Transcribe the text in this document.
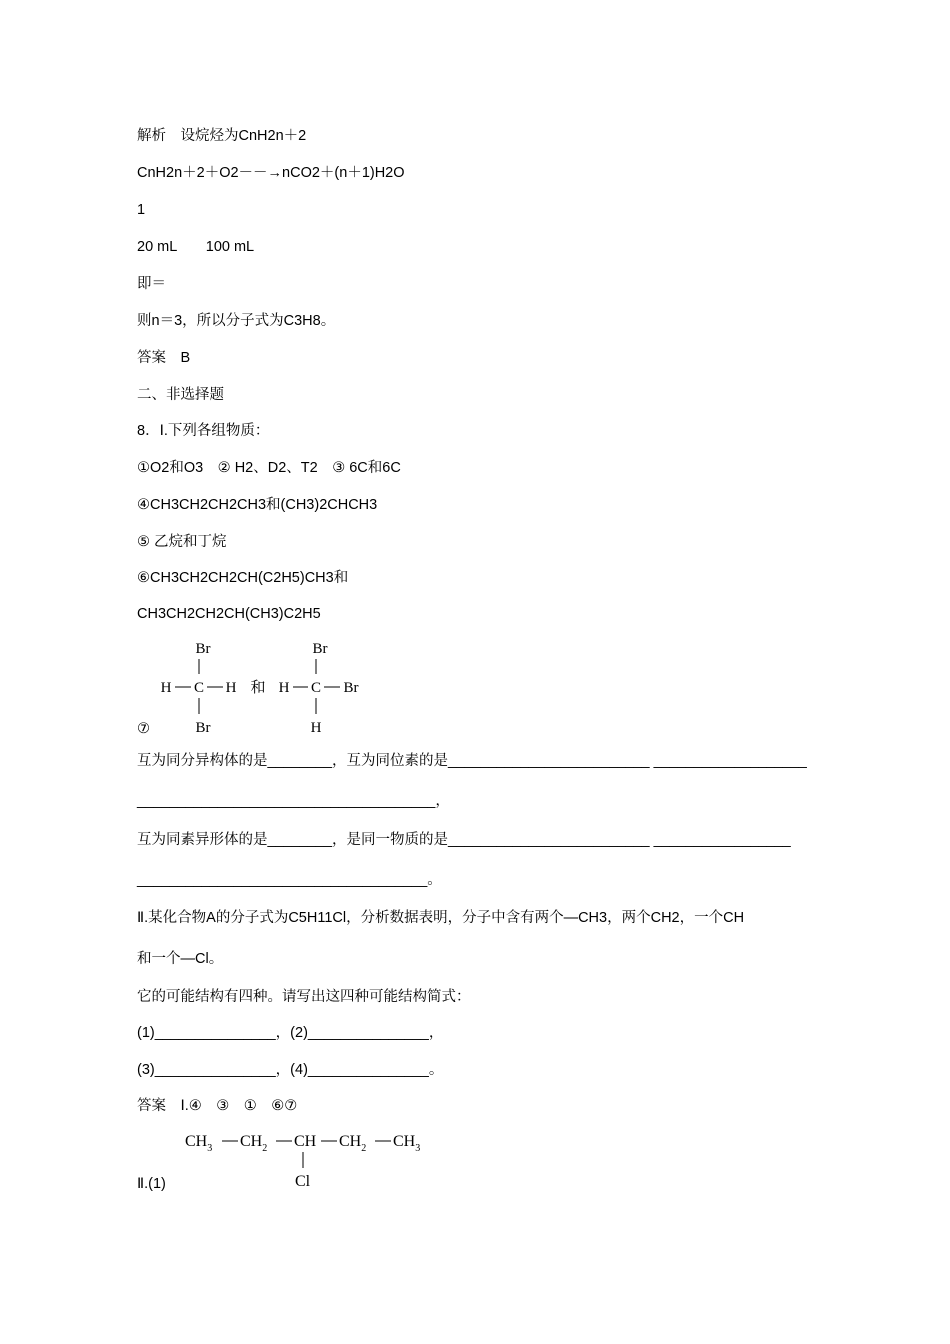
解析　设烷烃为CnH2n＋2
CnH2n＋2＋O2－－→nCO2＋(n＋1)H2O
1
20 mL　　100 mL
即＝
则n＝3，所以分子式为C3H8。
答案　B
二、非选择题
8．Ⅰ.下列各组物质：
①O2和O3　② H2、D2、T2　③ 6C和6C
④CH3CH2CH2CH3和(CH3)2CHCH3
⑤ 乙烷和丁烷
⑥CH3CH2CH2CH(C2H5)CH3和
CH3CH2CH2CH(CH3)C2H5
Br
H C H
Br
和
Br
H C Br
H
⑦
互为同分异构体的是________，互为同位素的是_________________________ ___________________
_____________________________________，
互为同素异形体的是________，是同一物质的是_________________________ _________________
____________________________________。
Ⅱ.某化合物A的分子式为C5H11Cl，分析数据表明，分子中含有两个—CH3，两个CH2，一个CH
和一个—Cl。
它的可能结构有四种。请写出这四种可能结构简式：
(1)_______________，(2)_______________，
(3)_______________，(4)_______________。
答案　Ⅰ.④　③　①　⑥⑦
$CH_3$ $CH_2$ CH $CH_2$ $CH_3$
Cl
Ⅱ.(1)
